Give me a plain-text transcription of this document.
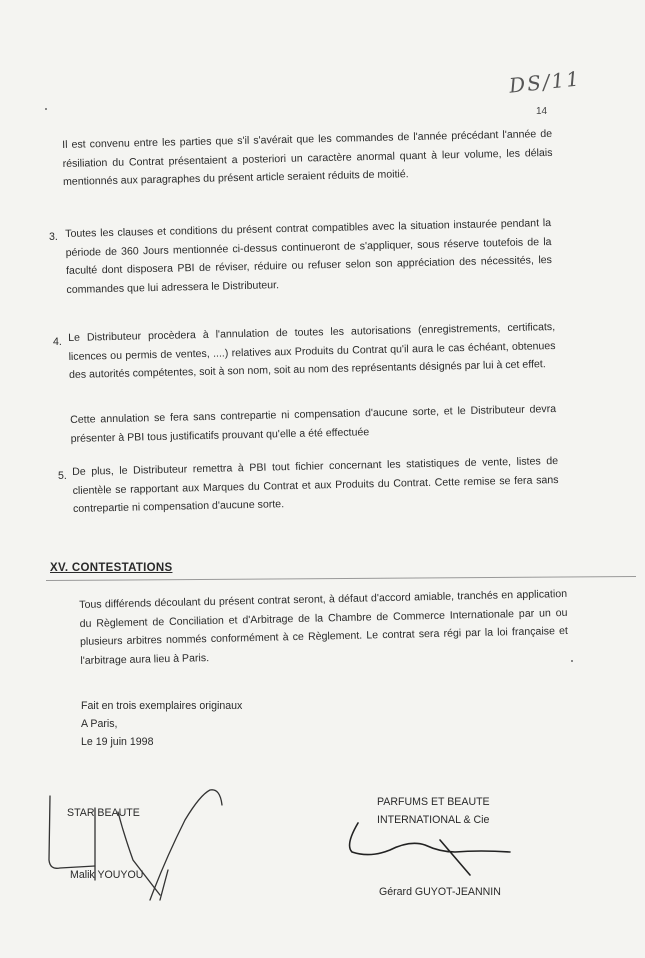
DS/11
14
Il est convenu entre les parties que s'il s'avérait que les commandes de l'année précédant l'année de résiliation du Contrat présentaient a posteriori un caractère anormal quant à leur volume, les délais mentionnés aux paragraphes du présent article seraient réduits de moitié.
3. Toutes les clauses et conditions du présent contrat compatibles avec la situation instaurée pendant la période de 360 Jours mentionnée ci-dessus continueront de s'appliquer, sous réserve toutefois de la faculté dont disposera PBI de réviser, réduire ou refuser selon son appréciation des nécessités, les commandes que lui adressera le Distributeur.
4. Le Distributeur procèdera à l'annulation de toutes les autorisations (enregistrements, certificats, licences ou permis de ventes, ....) relatives aux Produits du Contrat qu'il aura le cas échéant, obtenues des autorités compétentes, soit à son nom, soit au nom des représentants désignés par lui à cet effet.
Cette annulation se fera sans contrepartie ni compensation d'aucune sorte, et le Distributeur devra présenter à PBI tous justificatifs prouvant qu'elle a été effectuée
5. De plus, le Distributeur remettra à PBI tout fichier concernant les statistiques de vente, listes de clientèle se rapportant aux Marques du Contrat et aux Produits du Contrat. Cette remise se fera sans contrepartie ni compensation d'aucune sorte.
XV. CONTESTATIONS
Tous différends découlant du présent contrat seront, à défaut d'accord amiable, tranchés en application du Règlement de Conciliation et d'Arbitrage de la Chambre de Commerce Internationale par un ou plusieurs arbitres nommés conformément à ce Règlement. Le contrat sera régi par la loi française et l'arbitrage aura lieu à Paris.
Fait en trois exemplaires originaux
A Paris,
Le 19 juin 1998
STAR BEAUTE
Malik YOUYOU
PARFUMS ET BEAUTE
INTERNATIONAL & Cie
Gérard GUYOT-JEANNIN
